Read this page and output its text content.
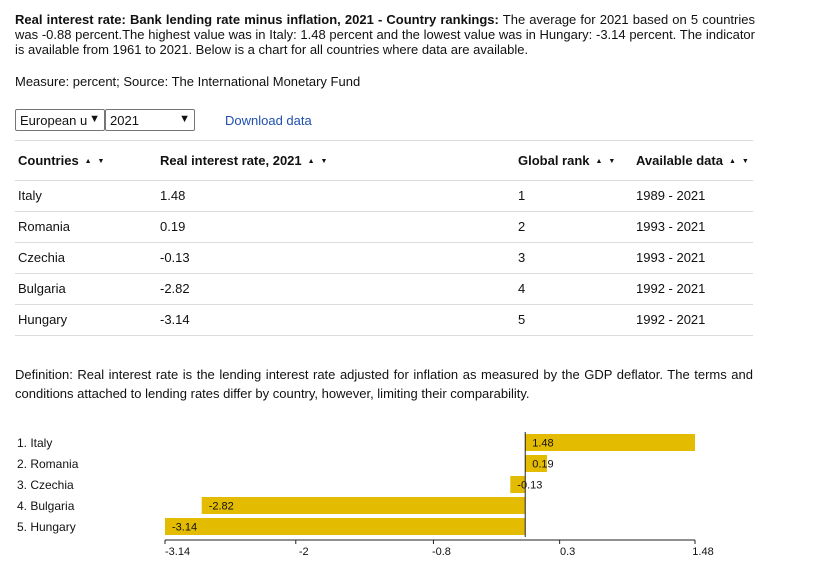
Real interest rate: Bank lending rate minus inflation, 2021 - Country rankings: The average for 2021 based on 5 countries was -0.88 percent.The highest value was in Italy: 1.48 percent and the lowest value was in Hungary: -3.14 percent. The indicator is available from 1961 to 2021. Below is a chart for all countries where data are available.
Measure: percent; Source: The International Monetary Fund
European u ▼ 2021	▼	Download data
Countries ▲ ▼	Real interest rate, 2021 ▲ ▼	Global rank ▲ ▼ Available data ▲ ▼
Italy	1.48	1	1989 - 2021
Romania	0.19	2	1993 - 2021
Czechia	-0.13	3	1993 - 2021
Bulgaria	-2.82	4	1992 - 2021
Hungary	-3.14	5	1992 - 2021
Definition: Real interest rate is the lending interest rate adjusted for inflation as measured by the GDP deflator. The terms and conditions attached to lending rates differ by country, however, limiting their comparability.
1. Italy	1.48
2. Romania	0.19
3. Czechia	-0.13
4. Bulgaria	-2.82
5. Hungary	-3.14
-3.14	-2	-0.8	0.3	1.48
